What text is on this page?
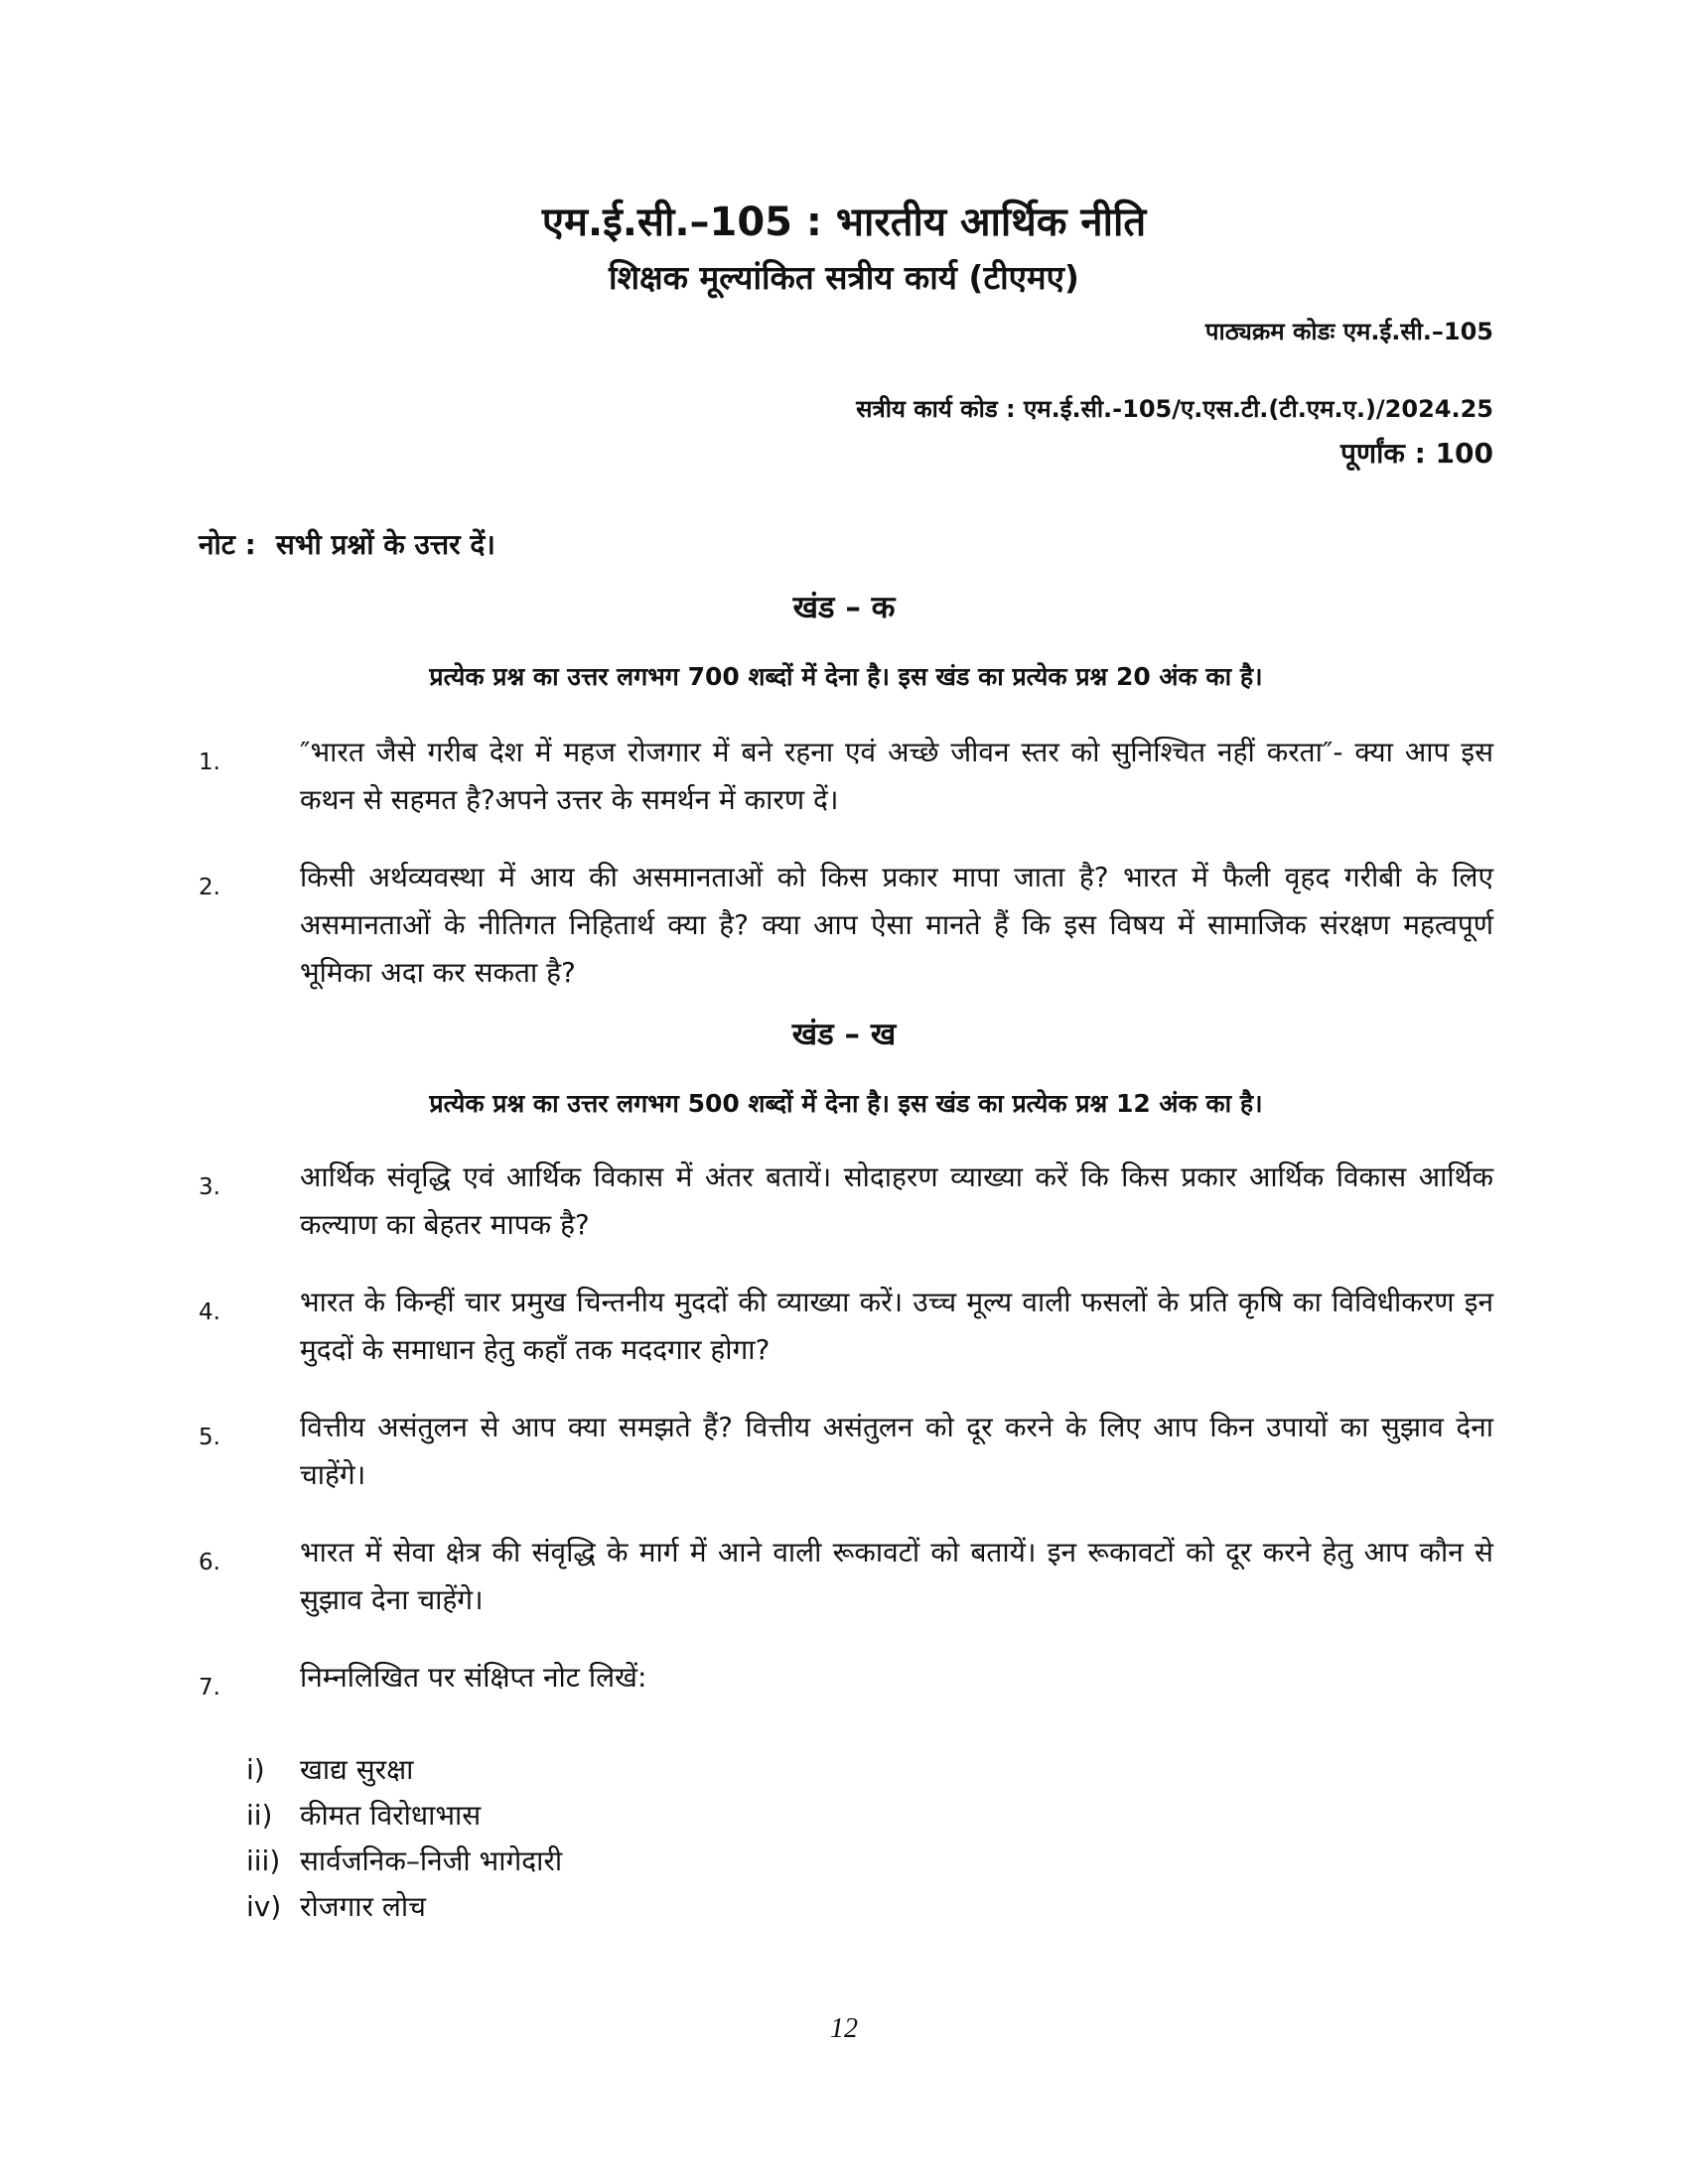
एम.ई.सी.–105 : भारतीय आर्थिक नीति
शिक्षक मूल्यांकित सत्रीय कार्य (टीएमए)
पाठ्यक्रम कोडः एम.ई.सी.–105
सत्रीय कार्य कोड : एम.ई.सी.-105/ए.एस.टी.(टी.एम.ए.)/2024.25
पूर्णांक : 100
नोट : सभी प्रश्नों के उत्तर दें।
खंड – क
प्रत्येक प्रश्न का उत्तर लगभग 700 शब्दों में देना है। इस खंड का प्रत्येक प्रश्न 20 अंक का है।
1.	″भारत जैसे गरीब देश में महज रोजगार में बने रहना एवं अच्छे जीवन स्तर को सुनिश्चित नहीं करता″- क्या आप इस कथन से सहमत है?अपने उत्तर के समर्थन में कारण दें।
2.	किसी अर्थव्यवस्था में आय की असमानताओं को किस प्रकार मापा जाता है? भारत में फैली वृहद गरीबी के लिए असमानताओं के नीतिगत निहितार्थ क्या है? क्या आप ऐसा मानते हैं कि इस विषय में सामाजिक संरक्षण महत्वपूर्ण भूमिका अदा कर सकता है?
खंड – ख
प्रत्येक प्रश्न का उत्तर लगभग 500 शब्दों में देना है। इस खंड का प्रत्येक प्रश्न 12 अंक का है।
3.	आर्थिक संवृद्धि एवं आर्थिक विकास में अंतर बतायें। सोदाहरण व्याख्या करें कि किस प्रकार आर्थिक विकास आर्थिक कल्याण का बेहतर मापक है?
4.	भारत के किन्हीं चार प्रमुख चिन्तनीय मुददों की व्याख्या करें। उच्च मूल्य वाली फसलों के प्रति कृषि का विविधीकरण इन मुददों के समाधान हेतु कहाँ तक मददगार होगा?
5.	वित्तीय असंतुलन से आप क्या समझते हैं? वित्तीय असंतुलन को दूर करने के लिए आप किन उपायों का सुझाव देना चाहेंगे।
6.	भारत में सेवा क्षेत्र की संवृद्धि के मार्ग में आने वाली रूकावटों को बतायें। इन रूकावटों को दूर करने हेतु आप कौन से सुझाव देना चाहेंगे।
7.	निम्नलिखित पर संक्षिप्त नोट लिखें:
i)	खाद्य सुरक्षा
ii) कीमत विरोधाभास
iii) सार्वजनिक–निजी भागेदारी
iv) रोजगार लोच
12
